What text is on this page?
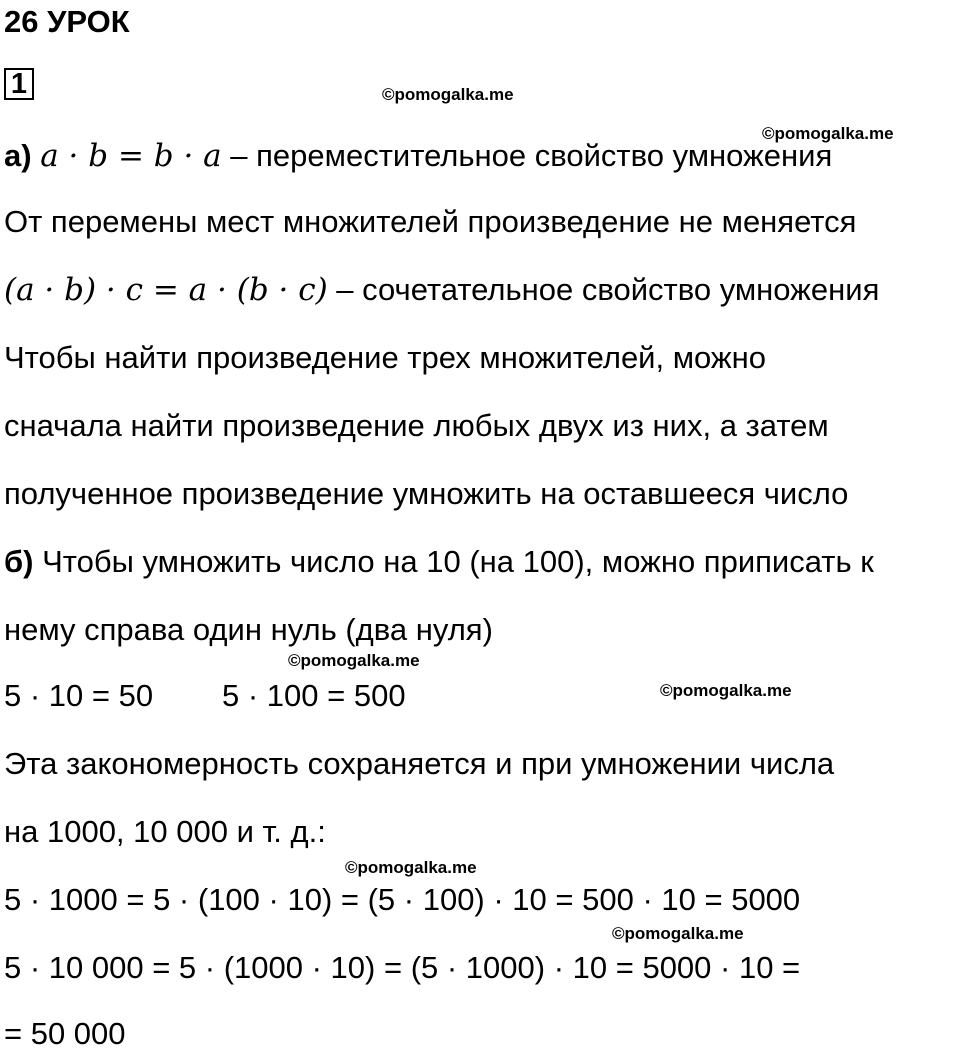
26 УРОК
1	©pomogalka.me
©pomogalka.me
а) a · b = b · a – переместительное свойство умножения
От перемены мест множителей произведение не меняется
(a · b) · c = a · (b · c) – сочетательное свойство умножения
Чтобы найти произведение трех множителей, можно
сначала найти произведение любых двух из них, а затем
полученное произведение умножить на оставшееся число
б) Чтобы умножить число на 10 (на 100), можно приписать к
нему справа один нуль (два нуля)
©pomogalka.me
5 · 10 = 50 5 · 100 = 500	©pomogalka.me
Эта закономерность сохраняется и при умножении числа
на 1000, 10 000 и т. д.:
©pomogalka.me
5 · 1000 = 5 · (100 · 10) = (5 · 100) · 10 = 500 · 10 = 5000
©pomogalka.me
5 · 10 000 = 5 · (1000 · 10) = (5 · 1000) · 10 = 5000 · 10 =
= 50 000
